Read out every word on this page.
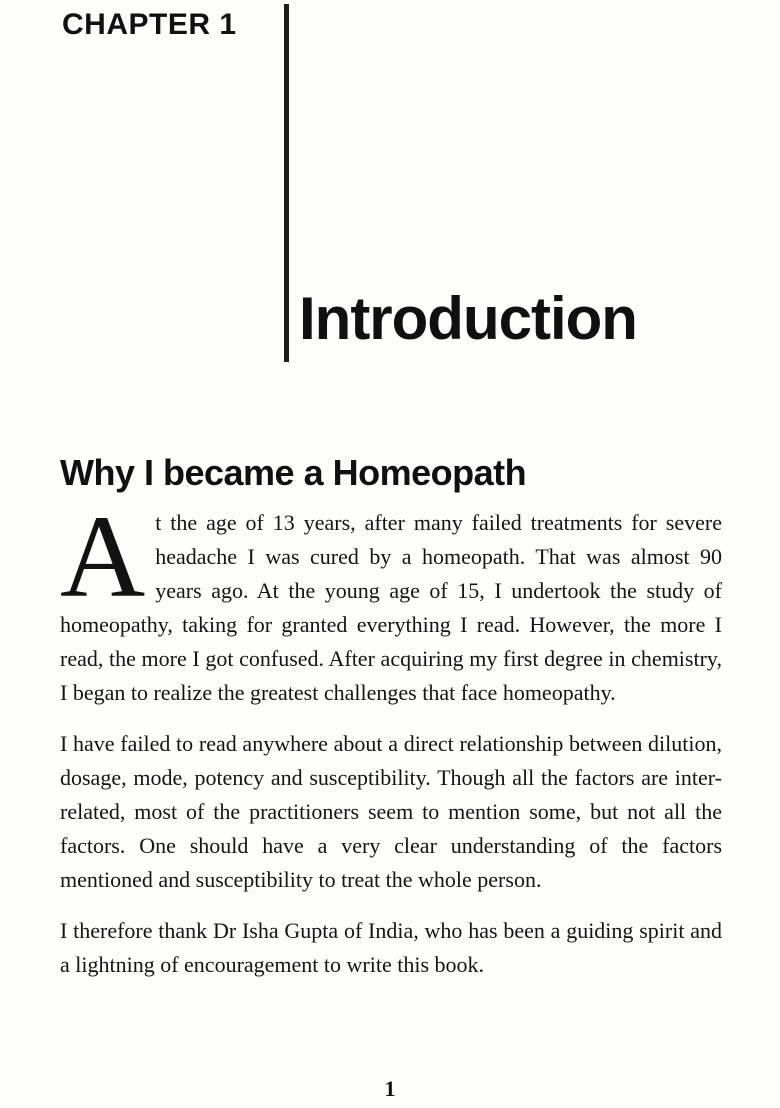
CHAPTER 1
Introduction
Why I became a Homeopath

At the age of 13 years, after many failed treatments for severe headache I was cured by a homeopath. That was almost 90 years ago. At the young age of 15, I undertook the study of homeopathy, taking for granted everything I read. However, the more I read, the more I got confused. After acquiring my first degree in chemistry, I began to realize the greatest challenges that face homeopathy.

I have failed to read anywhere about a direct relationship between dilution, dosage, mode, potency and susceptibility. Though all the factors are inter-related, most of the practitioners seem to mention some, but not all the factors. One should have a very clear understanding of the factors mentioned and susceptibility to treat the whole person.

I therefore thank Dr Isha Gupta of India, who has been a guiding spirit and a lightning of encouragement to write this book.

1
